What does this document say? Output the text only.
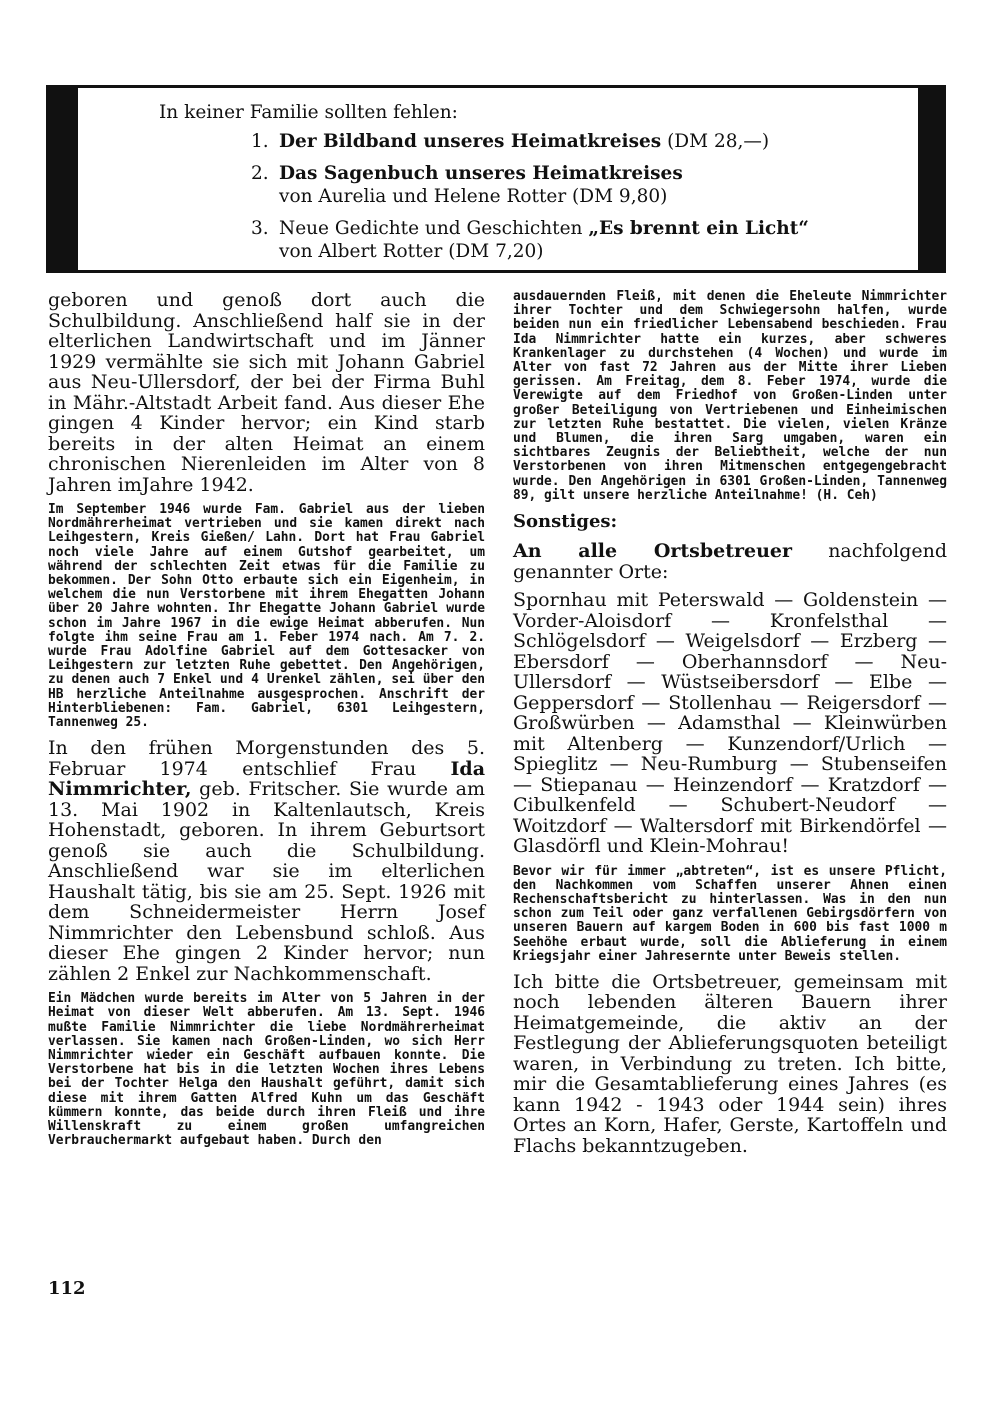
In keiner Familie sollten fehlen:
1. Der Bildband unseres Heimatkreises (DM 28,—)
2. Das Sagenbuch unseres Heimatkreises
von Aurelia und Helene Rotter (DM 9,80)
3. Neue Gedichte und Geschichten „Es brennt ein Licht“
von Albert Rotter (DM 7,20)

geboren und genoß dort auch die Schulbildung. Anschließend half sie in der elterlichen Landwirtschaft und im Jänner 1929 vermählte sie sich mit Johann Gabriel aus Neu-Ullersdorf, der bei der Firma Buhl in Mähr.-Altstadt Arbeit fand. Aus dieser Ehe gingen 4 Kinder hervor; ein Kind starb bereits in der alten Heimat an einem chronischen Nierenleiden im Alter von 8 Jahren imJahre 1942.

Im September 1946 wurde Fam. Gabriel aus der lieben Nordmährerheimat vertrieben und sie kamen direkt nach Leihgestern, Kreis Gießen/ Lahn. Dort hat Frau Gabriel noch viele Jahre auf einem Gutshof gearbeitet, um während der schlechten Zeit etwas für die Familie zu bekommen. Der Sohn Otto erbaute sich ein Eigenheim, in welchem die nun Verstorbene mit ihrem Ehegatten Johann über 20 Jahre wohnten. Ihr Ehegatte Johann Gabriel wurde schon im Jahre 1967 in die ewige Heimat abberufen. Nun folgte ihm seine Frau am 1. Feber 1974 nach. Am 7. 2. wurde Frau Adolfine Gabriel auf dem Gottesacker von Leihgestern zur letzten Ruhe gebettet. Den Angehörigen, zu denen auch 7 Enkel und 4 Urenkel zählen, sei über den HB herzliche Anteilnahme ausgesprochen. Anschrift der Hinterbliebenen: Fam. Gabriel, 6301 Leihgestern, Tannenweg 25.

In den frühen Morgenstunden des 5. Februar 1974 entschlief Frau Ida Nimmrichter, geb. Fritscher. Sie wurde am 13. Mai 1902 in Kaltenlautsch, Kreis Hohenstadt, geboren. In ihrem Geburtsort genoß sie auch die Schulbildung. Anschließend war sie im elterlichen Haushalt tätig, bis sie am 25. Sept. 1926 mit dem Schneidermeister Herrn Josef Nimmrichter den Lebensbund schloß. Aus dieser Ehe gingen 2 Kinder hervor; nun zählen 2 Enkel zur Nachkommenschaft.

Ein Mädchen wurde bereits im Alter von 5 Jahren in der Heimat von dieser Welt abberufen. Am 13. Sept. 1946 mußte Familie Nimmrichter die liebe Nordmährerheimat verlassen. Sie kamen nach Großen-Linden, wo sich Herr Nimmrichter wieder ein Geschäft aufbauen konnte. Die Verstorbene hat bis in die letzten Wochen ihres Lebens bei der Tochter Helga den Haushalt geführt, damit sich diese mit ihrem Gatten Alfred Kuhn um das Geschäft kümmern konnte, das beide durch ihren Fleiß und ihre Willenskraft zu einem großen umfangreichen Verbrauchermarkt aufgebaut haben. Durch den

ausdauernden Fleiß, mit denen die Eheleute Nimmrichter ihrer Tochter und dem Schwiegersohn halfen, wurde beiden nun ein friedlicher Lebensabend beschieden. Frau Ida Nimmrichter hatte ein kurzes, aber schweres Krankenlager zu durchstehen (4 Wochen) und wurde im Alter von fast 72 Jahren aus der Mitte ihrer Lieben gerissen. Am Freitag, dem 8. Feber 1974, wurde die Verewigte auf dem Friedhof von Großen-Linden unter großer Beteiligung von Vertriebenen und Einheimischen zur letzten Ruhe bestattet. Die vielen, vielen Kränze und Blumen, die ihren Sarg umgaben, waren ein sichtbares Zeugnis der Beliebtheit, welche der nun Verstorbenen von ihren Mitmenschen entgegengebracht wurde. Den Angehörigen in 6301 Großen-Linden, Tannenweg 89, gilt unsere herzliche Anteilnahme! (H. Ceh)

Sonstiges:

An alle Ortsbetreuer nachfolgend genannter Orte:

Spornhau mit Peterswald — Goldenstein — Vorder-Aloisdorf — Kronfelsthal — Schlögelsdorf — Weigelsdorf — Erzberg — Ebersdorf — Oberhannsdorf — Neu-Ullersdorf — Wüstseibersdorf — Elbe — Geppersdorf — Stollenhau — Reigersdorf — Großwürben — Adamsthal — Kleinwürben mit Altenberg — Kunzendorf/Urlich — Spieglitz — Neu-Rumburg — Stubenseifen — Stiepanau — Heinzendorf — Kratzdorf — Cibulkenfeld — Schubert-Neudorf — Woitzdorf — Waltersdorf mit Birkendörfel — Glasdörfl und Klein-Mohrau!

Bevor wir für immer „abtreten“, ist es unsere Pflicht, den Nachkommen vom Schaffen unserer Ahnen einen Rechenschaftsbericht zu hinterlassen. Was in den nun schon zum Teil oder ganz verfallenen Gebirgsdörfern von unseren Bauern auf kargem Boden in 600 bis fast 1000 m Seehöhe erbaut wurde, soll die Ablieferung in einem Kriegsjahr einer Jahresernte unter Beweis stellen.

Ich bitte die Ortsbetreuer, gemeinsam mit noch lebenden älteren Bauern ihrer Heimatgemeinde, die aktiv an der Festlegung der Ablieferungsquoten beteiligt waren, in Verbindung zu treten. Ich bitte, mir die Gesamtablieferung eines Jahres (es kann 1942 - 1943 oder 1944 sein) ihres Ortes an Korn, Hafer, Gerste, Kartoffeln und Flachs bekanntzugeben.

112
